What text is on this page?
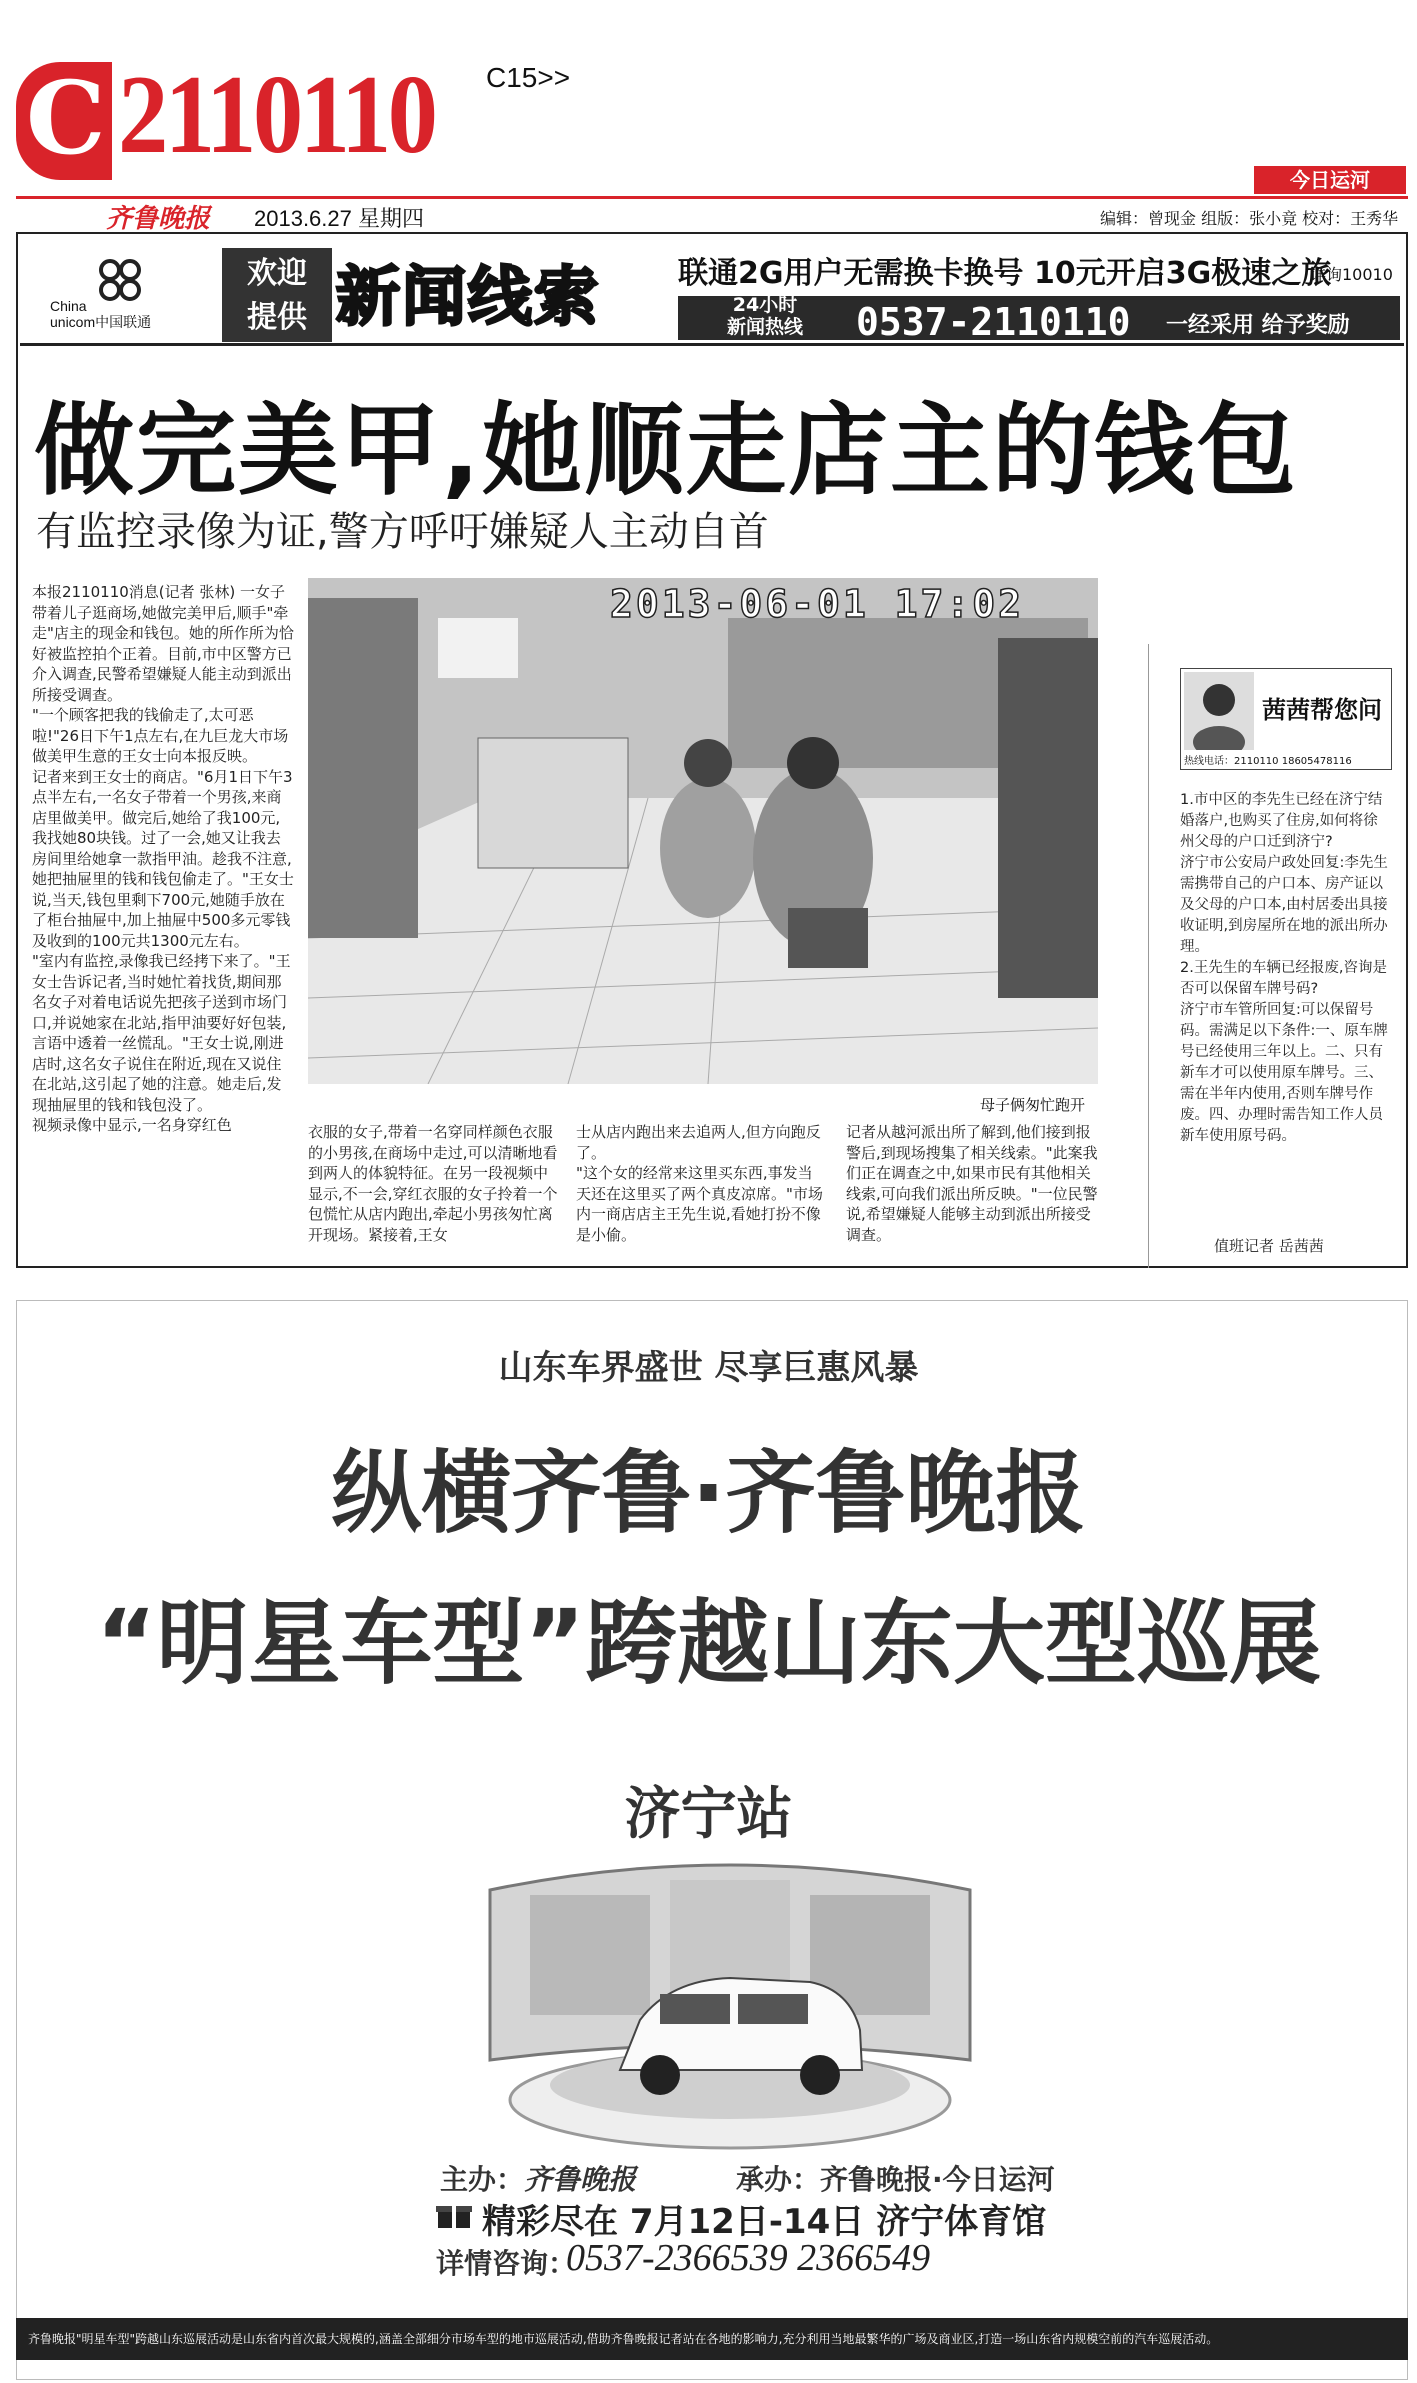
C 2110110 C15>>
今日运河
齐鲁晚报 2013.6.27 星期四	编辑：曾现金 组版：张小竟 校对：王秀华
China
unicom中国联通
欢迎
提供 新闻线索	联通2G用户无需换卡换号 10元开启3G极速之旅
详询10010
24小时
新闻热线	0537-2110110 一经采用 给予奖励
做完美甲,她顺走店主的钱包
有监控录像为证,警方呼吁嫌疑人主动自首
本报2110110消息(记者 张林) 一女子带着儿子逛商场,她做完美甲后,顺手"牵走"店主的现金和钱包。她的所作所为恰好被监控拍个正着。目前,市中区警方已介入调查,民警希望嫌疑人能主动到派出所接受调查。
"一个顾客把我的钱偷走了,太可恶啦!"26日下午1点左右,在九巨龙大市场做美甲生意的王女士向本报反映。
记者来到王女士的商店。"6月1日下午3点半左右,一名女子带着一个男孩,来商店里做美甲。做完后,她给了我100元,我找她80块钱。过了一会,她又让我去房间里给她拿一款指甲油。趁我不注意,她把抽屉里的钱和钱包偷走了。"王女士说,当天,钱包里剩下700元,她随手放在了柜台抽屉中,加上抽屉中500多元零钱及收到的100元共1300元左右。
"室内有监控,录像我已经拷下来了。"王女士告诉记者,当时她忙着找货,期间那名女子对着电话说先把孩子送到市场门口,并说她家在北站,指甲油要好好包装,言语中透着一丝慌乱。"王女士说,刚进店时,这名女子说住在附近,现在又说住在北站,这引起了她的注意。她走后,发现抽屉里的钱和钱包没了。
视频录像中显示,一名身穿红色
2013-06-01 17:02
母子俩匆忙跑开
衣服的女子,带着一名穿同样颜色衣服的小男孩,在商场中走过,可以清晰地看到两人的体貌特征。在另一段视频中显示,不一会,穿红衣服的女子拎着一个包慌忙从店内跑出,牵起小男孩匆忙离开现场。紧接着,王女
士从店内跑出来去追两人,但方向跑反了。
"这个女的经常来这里买东西,事发当天还在这里买了两个真皮凉席。"市场内一商店店主王先生说,看她打扮不像是小偷。
记者从越河派出所了解到,他们接到报警后,到现场搜集了相关线索。"此案我们正在调查之中,如果市民有其他相关线索,可向我们派出所反映。"一位民警说,希望嫌疑人能够主动到派出所接受调查。
茜茜帮您问
热线电话：2110110 18605478116
1.市中区的李先生已经在济宁结婚落户,也购买了住房,如何将徐州父母的户口迁到济宁?
济宁市公安局户政处回复:李先生需携带自己的户口本、房产证以及父母的户口本,由村居委出具接收证明,到房屋所在地的派出所办理。
2.王先生的车辆已经报废,咨询是否可以保留车牌号码?
济宁市车管所回复:可以保留号码。需满足以下条件:一、原车牌号已经使用三年以上。二、只有新车才可以使用原车牌号。三、需在半年内使用,否则车牌号作废。四、办理时需告知工作人员新车使用原号码。
值班记者 岳茜茜
山东车界盛世 尽享巨惠风暴
纵横齐鲁·齐鲁晚报
“明星车型”跨越山东大型巡展
济宁站
主办：齐鲁晚报	承办：齐鲁晚报·今日运河
精彩尽在 7月12日-14日 济宁体育馆
详情咨询：
0537-2366539 2366549
齐鲁晚报"明星车型"跨越山东巡展活动是山东省内首次最大规模的,涵盖全部细分市场车型的地市巡展活动,借助齐鲁晚报记者站在各地的影响力,充分利用当地最繁华的广场及商业区,打造一场山东省内规模空前的汽车巡展活动。
